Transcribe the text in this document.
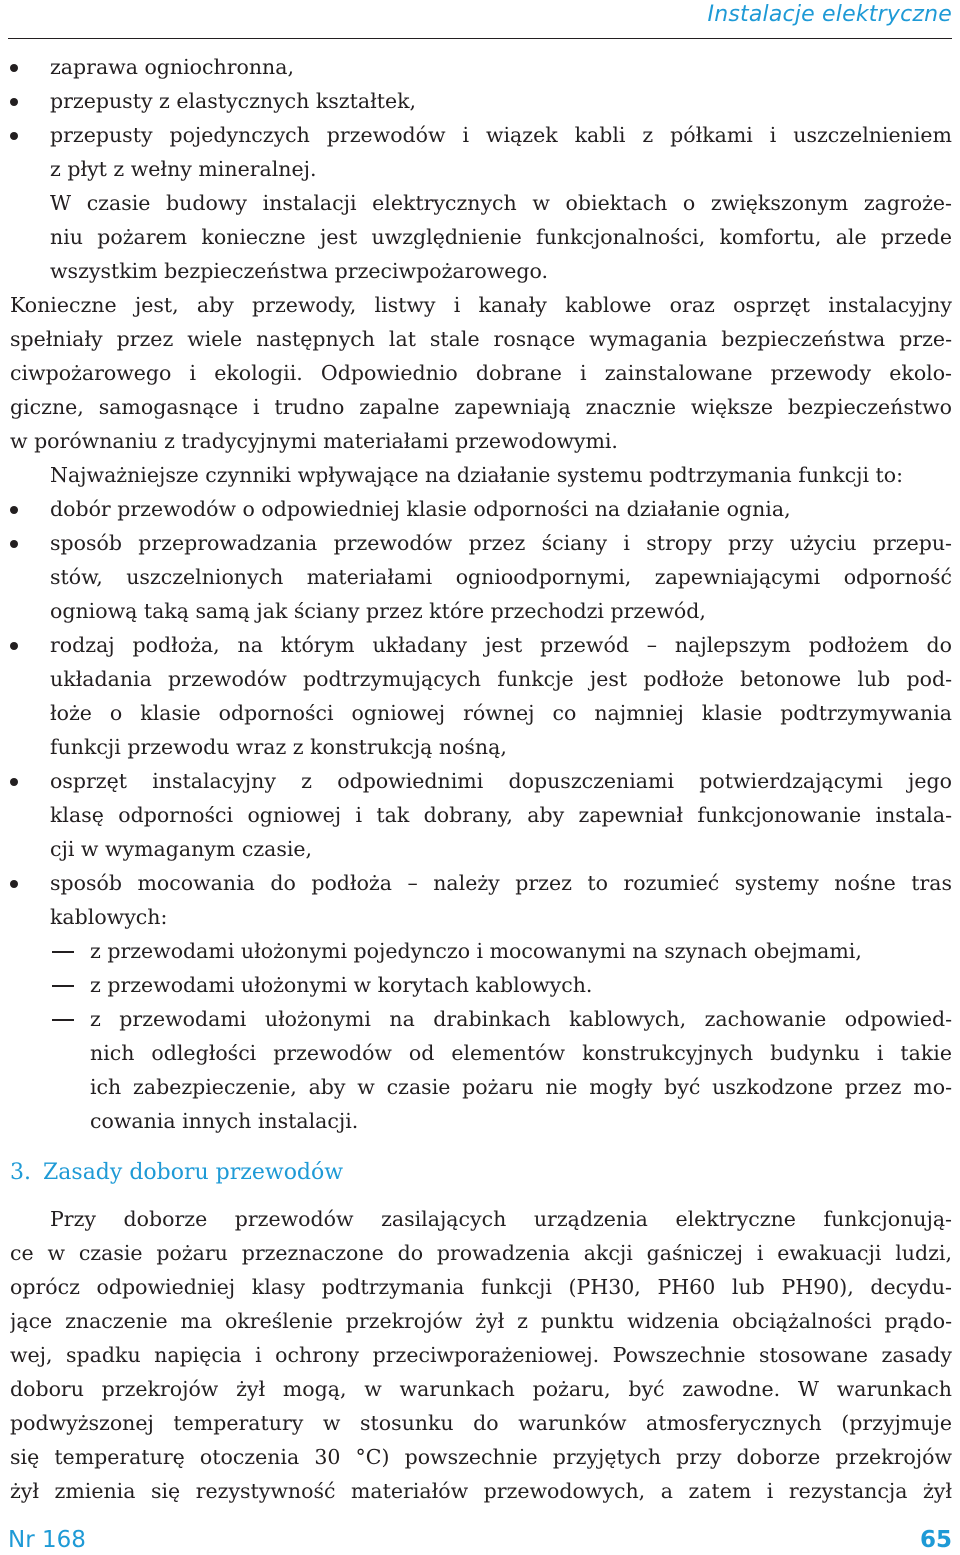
Instalacje elektryczne
zaprawa ogniochronna,
przepusty z elastycznych kształtek,
przepusty pojedynczych przewodów i wiązek kabli z półkami i uszczelnieniem
z płyt z wełny mineralnej.
W czasie budowy instalacji elektrycznych w obiektach o zwiększonym zagroże-
niu pożarem konieczne jest uwzględnienie funkcjonalności, komfortu, ale przede
wszystkim bezpieczeństwa przeciwpożarowego.
Konieczne jest, aby przewody, listwy i kanały kablowe oraz osprzęt instalacyjny
spełniały przez wiele następnych lat stale rosnące wymagania bezpieczeństwa prze-
ciwpożarowego i ekologii. Odpowiednio dobrane i zainstalowane przewody ekolo-
giczne, samogasnące i trudno zapalne zapewniają znacznie większe bezpieczeństwo
w porównaniu z tradycyjnymi materiałami przewodowymi.
Najważniejsze czynniki wpływające na działanie systemu podtrzymania funkcji to:
dobór przewodów o odpowiedniej klasie odporności na działanie ognia,
sposób przeprowadzania przewodów przez ściany i stropy przy użyciu przepu-
stów, uszczelnionych materiałami ognioodpornymi, zapewniającymi odporność
ogniową taką samą jak ściany przez które przechodzi przewód,
rodzaj podłoża, na którym układany jest przewód – najlepszym podłożem do
układania przewodów podtrzymujących funkcje jest podłoże betonowe lub pod-
łoże o klasie odporności ogniowej równej co najmniej klasie podtrzymywania
funkcji przewodu wraz z konstrukcją nośną,
osprzęt instalacyjny z odpowiednimi dopuszczeniami potwierdzającymi jego
klasę odporności ogniowej i tak dobrany, aby zapewniał funkcjonowanie instala-
cji w wymaganym czasie,
sposób mocowania do podłoża – należy przez to rozumieć systemy nośne tras
kablowych:
z przewodami ułożonymi pojedynczo i mocowanymi na szynach obejmami,
z przewodami ułożonymi w korytach kablowych.
z przewodami ułożonymi na drabinkach kablowych, zachowanie odpowied-
nich odległości przewodów od elementów konstrukcyjnych budynku i takie
ich zabezpieczenie, aby w czasie pożaru nie mogły być uszkodzone przez mo-
cowania innych instalacji.
3. Zasady doboru przewodów
Przy doborze przewodów zasilających urządzenia elektryczne funkcjonują-
ce w czasie pożaru przeznaczone do prowadzenia akcji gaśniczej i ewakuacji ludzi,
oprócz odpowiedniej klasy podtrzymania funkcji (PH30, PH60 lub PH90), decydu-
jące znaczenie ma określenie przekrojów żył z punktu widzenia obciążalności prądo-
wej, spadku napięcia i ochrony przeciwporażeniowej. Powszechnie stosowane zasady
doboru przekrojów żył mogą, w warunkach pożaru, być zawodne. W warunkach
podwyższonej temperatury w stosunku do warunków atmosferycznych (przyjmuje
się temperaturę otoczenia 30 °C) powszechnie przyjętych przy doborze przekrojów
żył zmienia się rezystywność materiałów przewodowych, a zatem i rezystancja żył
Nr 168	65
